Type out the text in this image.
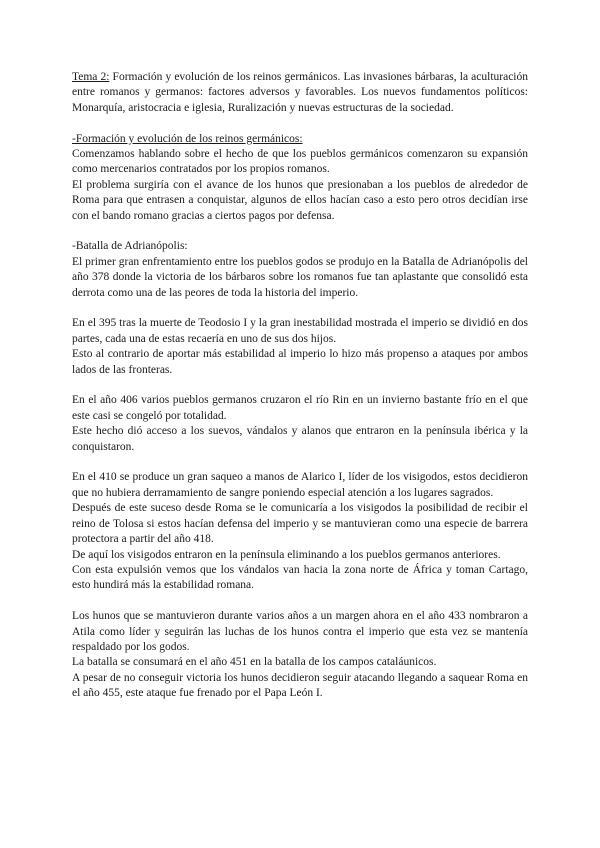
Tema 2: Formación y evolución de los reinos germánicos. Las invasiones bárbaras, la aculturación entre romanos y germanos: factores adversos y favorables. Los nuevos fundamentos políticos: Monarquía, aristocracia e iglesia, Ruralización y nuevas estructuras de la sociedad.

-Formación y evolución de los reinos germánicos:

Comenzamos hablando sobre el hecho de que los pueblos germánicos comenzaron su expansión como mercenarios contratados por los propios romanos.

El problema surgiría con el avance de los hunos que presionaban a los pueblos de alrededor de Roma para que entrasen a conquistar, algunos de ellos hacían caso a esto pero otros decidían irse con el bando romano gracias a ciertos pagos por defensa.

-Batalla de Adrianópolis:

El primer gran enfrentamiento entre los pueblos godos se produjo en la Batalla de Adrianópolis del año 378 donde la victoria de los bárbaros sobre los romanos fue tan aplastante que consolidó esta derrota como una de las peores de toda la historia del imperio.

En el 395 tras la muerte de Teodosio I y la gran inestabilidad mostrada el imperio se dividió en dos partes, cada una de estas recaería en uno de sus dos hijos.

Esto al contrario de aportar más estabilidad al imperio lo hizo más propenso a ataques por ambos lados de las fronteras.

En el año 406 varios pueblos germanos cruzaron el río Rin en un invierno bastante frío en el que este casi se congeló por totalidad.

Este hecho dió acceso a los suevos, vándalos y alanos que entraron en la península ibérica y la conquistaron.

En el 410 se produce un gran saqueo a manos de Alarico I, líder de los visigodos, estos decidieron que no hubiera derramamiento de sangre poniendo especial atención a los lugares sagrados.

Después de este suceso desde Roma se le comunicaría a los visigodos la posibilidad de recibir el reino de Tolosa si estos hacían defensa del imperio y se mantuvieran como una especie de barrera protectora a partir del año 418.

De aquí los visigodos entraron en la península eliminando a los pueblos germanos anteriores.

Con esta expulsión vemos que los vándalos van hacia la zona norte de África y toman Cartago, esto hundirá más la estabilidad romana.

Los hunos que se mantuvieron durante varios años a un margen ahora en el año 433 nombraron a Atila como líder y seguirán las luchas de los hunos contra el imperio que esta vez se mantenía respaldado por los godos.

La batalla se consumará en el año 451 en la batalla de los campos cataláunicos.

A pesar de no conseguir victoria los hunos decidieron seguir atacando llegando a saquear Roma en el año 455, este ataque fue frenado por el Papa León I.
